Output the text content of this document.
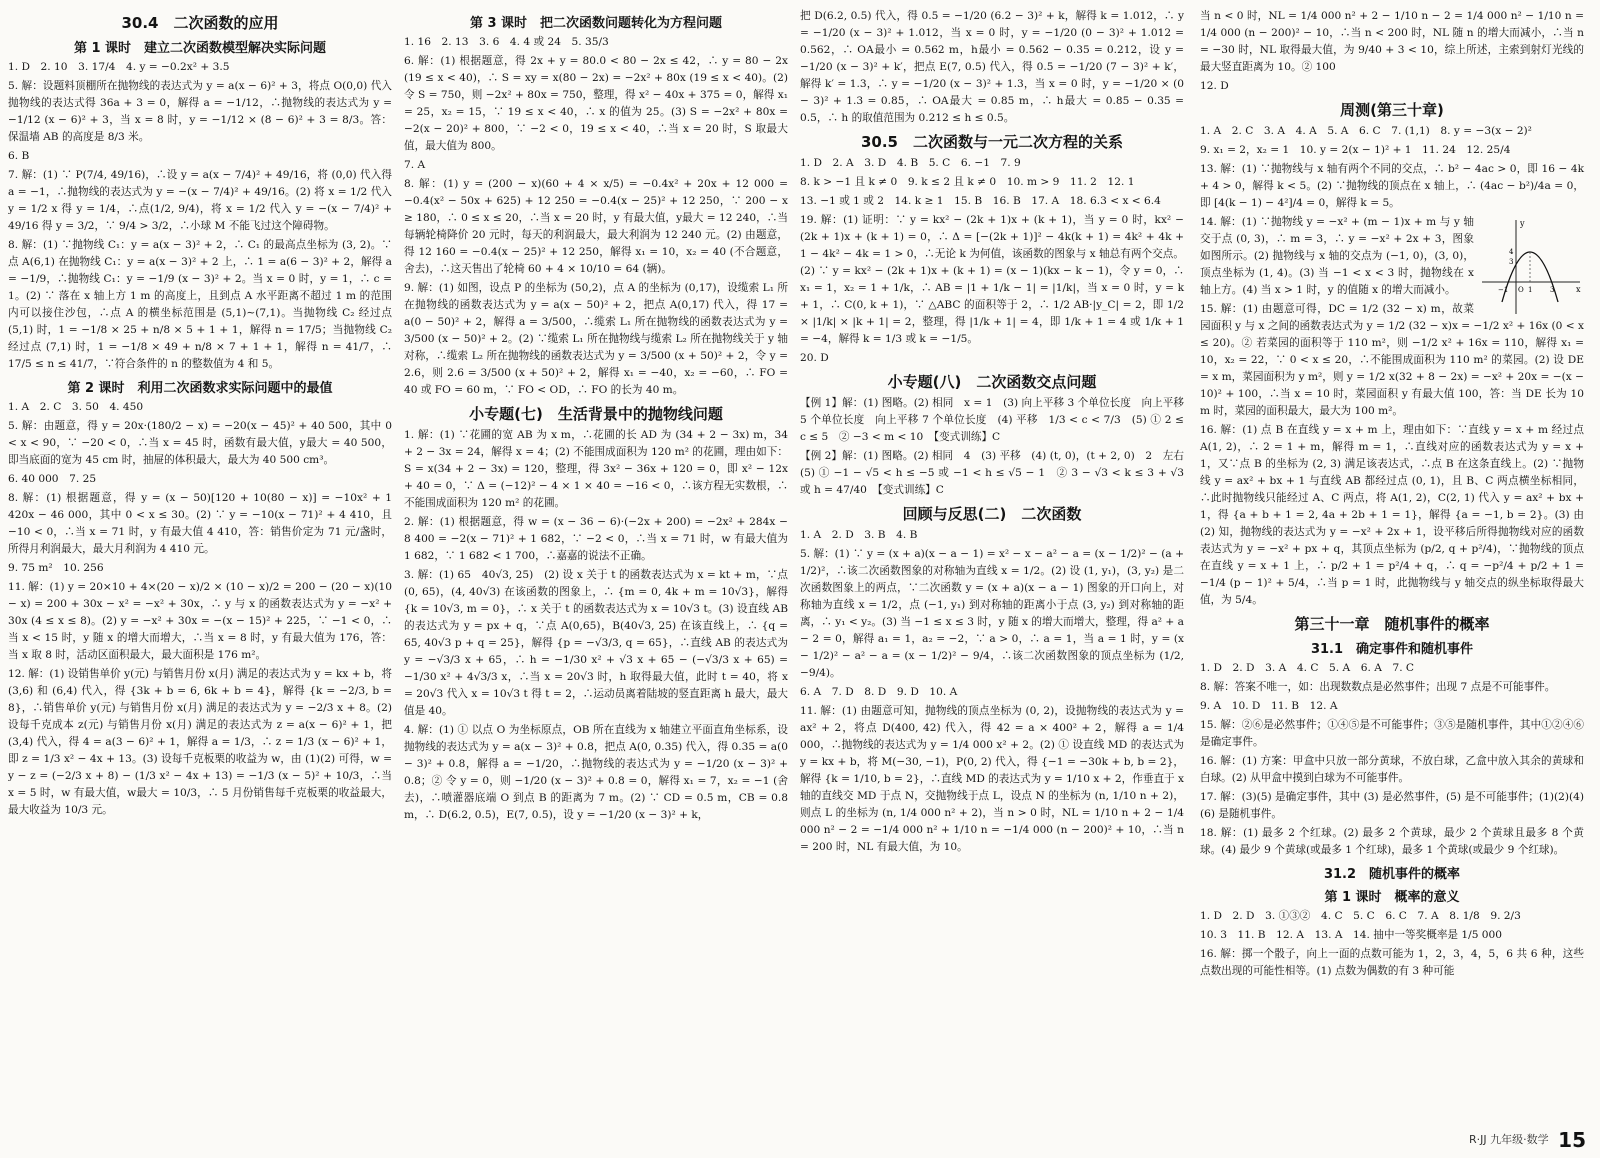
30.4　二次函数的应用
第 1 课时　建立二次函数模型解决实际问题

1. D　2. 10　3. 17/4　4. y = −0.2x² + 3.5

5. 解：设题料顶棚所在抛物线的表达式为 y = a(x − 6)² + 3，将点 O(0,0) 代入抛物线的表达式得 36a + 3 = 0，解得 a = −1/12，∴抛物线的表达式为 y = −1/12 (x − 6)² + 3，当 x = 8 时，y = −1/12 × (8 − 6)² + 3 = 8/3。答：保温墙 AB 的高度是 8/3 米。

6. B

7. 解：(1) ∵ P(7/4, 49/16)，∴设 y = a(x − 7/4)² + 49/16，将 (0,0) 代入得 a = −1，∴抛物线的表达式为 y = −(x − 7/4)² + 49/16。(2) 将 x = 1/2 代入 y = 1/2 x 得 y = 1/4，∴点(1/2, 9/4)，将 x = 1/2 代入 y = −(x − 7/4)² + 49/16 得 y = 3/2，∵ 9/4 > 3/2，∴小球 M 不能飞过这个障碍物。

8. 解：(1) ∵抛物线 C₁：y = a(x − 3)² + 2，∴ C₁ 的最高点坐标为 (3, 2)。∵点 A(6,1) 在抛物线 C₁：y = a(x − 3)² + 2 上，∴ 1 = a(6 − 3)² + 2，解得 a = −1/9，∴抛物线 C₁：y = −1/9 (x − 3)² + 2。当 x = 0 时，y = 1，∴ c = 1。(2) ∵ 落在 x 轴上方 1 m 的高度上，且到点 A 水平距离不超过 1 m 的范围内可以接住沙包，∴点 A 的横坐标范围是 (5,1)∼(7,1)。当抛物线 C₂ 经过点 (5,1) 时，1 = −1/8 × 25 + n/8 × 5 + 1 + 1，解得 n = 17/5；当抛物线 C₂ 经过点 (7,1) 时，1 = −1/8 × 49 + n/8 × 7 + 1 + 1，解得 n = 41/7，∴ 17/5 ≤ n ≤ 41/7，∵符合条件的 n 的整数值为 4 和 5。

第 2 课时　利用二次函数求实际问题中的最值

1. A　2. C　3. 50　4. 450

5. 解：由题意，得 y = 20x·(180/2 − x) = −20(x − 45)² + 40 500，其中 0 < x < 90，∵ −20 < 0，∴当 x = 45 时，函数有最大值，y最大 = 40 500，即当底面的宽为 45 cm 时，抽屉的体积最大，最大为 40 500 cm³。

6. 40 000　7. 25

8. 解：(1) 根据题意，得 y = (x − 50)[120 + 10(80 − x)] = −10x² + 1 420x − 46 000，其中 0 < x ≤ 30。(2) ∵ y = −10(x − 71)² + 4 410，且 −10 < 0，∴当 x = 71 时，y 有最大值 4 410，答：销售价定为 71 元/盏时，所得月利润最大，最大月利润为 4 410 元。

9. 75 m²　10. 256

11. 解：(1) y = 20×10 + 4×(20 − x)/2 × (10 − x)/2 = 200 − (20 − x)(10 − x) = 200 + 30x − x² = −x² + 30x，∴ y 与 x 的函数表达式为 y = −x² + 30x (4 ≤ x ≤ 8)。(2) y = −x² + 30x = −(x − 15)² + 225，∵ −1 < 0，∴当 x < 15 时，y 随 x 的增大而增大，∴当 x = 8 时，y 有最大值为 176，答：当 x 取 8 时，活动区面积最大，最大面积是 176 m²。

12. 解：(1) 设销售单价 y(元) 与销售月份 x(月) 满足的表达式为 y = kx + b，将 (3,6) 和 (6,4) 代入，得 {3k + b = 6, 6k + b = 4}，解得 {k = −2/3, b = 8}，∴销售单价 y(元) 与销售月份 x(月) 满足的表达式为 y = −2/3 x + 8。(2) 设每千克成本 z(元) 与销售月份 x(月) 满足的表达式为 z = a(x − 6)² + 1，把 (3,4) 代入，得 4 = a(3 − 6)² + 1，解得 a = 1/3，∴ z = 1/3 (x − 6)² + 1，即 z = 1/3 x² − 4x + 13。(3) 设每千克板栗的收益为 w，由 (1)(2) 可得，w = y − z = (−2/3 x + 8) − (1/3 x² − 4x + 13) = −1/3 (x − 5)² + 10/3，∴当 x = 5 时，w 有最大值，w最大 = 10/3，∴ 5 月份销售每千克板栗的收益最大，最大收益为 10/3 元。

第 3 课时　把二次函数问题转化为方程问题

1. 16　2. 13　3. 6　4. 4 或 24　5. 35/3

6. 解：(1) 根据题意，得 2x + y = 80.0 < 80 − 2x ≤ 42，∴ y = 80 − 2x (19 ≤ x < 40)，∴ S = xy = x(80 − 2x) = −2x² + 80x (19 ≤ x < 40)。(2) 令 S = 750，则 −2x² + 80x = 750，整理，得 x² − 40x + 375 = 0，解得 x₁ = 25，x₂ = 15，∵ 19 ≤ x < 40，∴ x 的值为 25。(3) S = −2x² + 80x = −2(x − 20)² + 800，∵ −2 < 0，19 ≤ x < 40，∴当 x = 20 时，S 取最大值，最大值为 800。

7. A

8. 解：(1) y = (200 − x)(60 + 4 × x/5) = −0.4x² + 20x + 12 000 = −0.4(x² − 50x + 625) + 12 250 = −0.4(x − 25)² + 12 250，∵ 200 − x ≥ 180，∴ 0 ≤ x ≤ 20，∴当 x = 20 时，y 有最大值，y最大 = 12 240，∴当每辆轮椅降价 20 元时，每天的利润最大，最大利润为 12 240 元。(2) 由题意，得 12 160 = −0.4(x − 25)² + 12 250，解得 x₁ = 10，x₂ = 40 (不合题意，舍去)，∴这天售出了轮椅 60 + 4 × 10/10 = 64 (辆)。

9. 解：(1) 如图，设点 P 的坐标为 (50,2)，点 A 的坐标为 (0,17)，设缆索 L₁ 所在抛物线的函数表达式为 y = a(x − 50)² + 2，把点 A(0,17) 代入，得 17 = a(0 − 50)² + 2，解得 a = 3/500，∴缆索 L₁ 所在抛物线的函数表达式为 y = 3/500 (x − 50)² + 2。(2) ∵缆索 L₁ 所在抛物线与缆索 L₂ 所在抛物线关于 y 轴对称，∴缆索 L₂ 所在抛物线的函数表达式为 y = 3/500 (x + 50)² + 2，令 y = 2.6，则 2.6 = 3/500 (x + 50)² + 2，解得 x₁ = −40，x₂ = −60，∴ FO = 40 或 FO = 60 m，∵ FO < OD，∴ FO 的长为 40 m。

小专题(七)　生活背景中的抛物线问题

1. 解：(1) ∵花圃的宽 AB 为 x m，∴花圃的长 AD 为 (34 + 2 − 3x) m，34 + 2 − 3x = 24，解得 x = 4；(2) 不能围成面积为 120 m² 的花圃，理由如下：S = x(34 + 2 − 3x) = 120，整理，得 3x² − 36x + 120 = 0，即 x² − 12x + 40 = 0，∵ Δ = (−12)² − 4 × 1 × 40 = −16 < 0，∴该方程无实数根，∴不能围成面积为 120 m² 的花圃。

2. 解：(1) 根据题意，得 w = (x − 36 − 6)·(−2x + 200) = −2x² + 284x − 8 400 = −2(x − 71)² + 1 682，∵ −2 < 0，∴当 x = 71 时，w 有最大值为 1 682，∵ 1 682 < 1 700，∴嘉嘉的说法不正确。

3. 解：(1) 65　40√3, 25)　(2) 设 x 关于 t 的函数表达式为 x = kt + m，∵点 (0, 65)，(4, 40√3) 在该函数的图象上，∴ {m = 0, 4k + m = 10√3}，解得 {k = 10√3, m = 0}，∴ x 关于 t 的函数表达式为 x = 10√3 t。(3) 设直线 AB 的表达式为 y = px + q，∵点 A(0,65)，B(40√3, 25) 在该直线上，∴ {q = 65, 40√3 p + q = 25}，解得 {p = −√3/3, q = 65}，∴直线 AB 的表达式为 y = −√3/3 x + 65，∴ h = −1/30 x² + √3 x + 65 − (−√3/3 x + 65) = −1/30 x² + 4√3/3 x，∴当 x = 20√3 时，h 取得最大值，此时 t = 40，将 x = 20√3 代入 x = 10√3 t 得 t = 2，∴运动员离着陆坡的竖直距离 h 最大，最大值是 40。

4. 解：(1) ① 以点 O 为坐标原点，OB 所在直线为 x 轴建立平面直角坐标系，设抛物线的表达式为 y = a(x − 3)² + 0.8，把点 A(0, 0.35) 代入，得 0.35 = a(0 − 3)² + 0.8，解得 a = −1/20，∴抛物线的表达式为 y = −1/20 (x − 3)² + 0.8；② 令 y = 0，则 −1/20 (x − 3)² + 0.8 = 0，解得 x₁ = 7，x₂ = −1 (舍去)，∴喷灌器底端 O 到点 B 的距离为 7 m。(2) ∵ CD = 0.5 m，CB = 0.8 m，∴ D(6.2, 0.5)，E(7, 0.5)，设 y = −1/20 (x − 3)² + k，

把 D(6.2, 0.5) 代入，得 0.5 = −1/20 (6.2 − 3)² + k，解得 k = 1.012，∴ y = −1/20 (x − 3)² + 1.012，当 x = 0 时，y = −1/20 (0 − 3)² + 1.012 = 0.562，∴ OA最小 = 0.562 m，h最小 = 0.562 − 0.35 = 0.212，设 y = −1/20 (x − 3)² + k′，把点 E(7, 0.5) 代入，得 0.5 = −1/20 (7 − 3)² + k′，解得 k′ = 1.3，∴ y = −1/20 (x − 3)² + 1.3，当 x = 0 时，y = −1/20 × (0 − 3)² + 1.3 = 0.85，∴ OA最大 = 0.85 m，∴ h最大 = 0.85 − 0.35 = 0.5，∴ h 的取值范围为 0.212 ≤ h ≤ 0.5。

30.5　二次函数与一元二次方程的关系

1. D　2. A　3. D　4. B　5. C　6. −1　7. 9

8. k > −1 且 k ≠ 0　9. k ≤ 2 且 k ≠ 0　10. m > 9　11. 2　12. 1

13. −1 或 1 或 2　14. k ≥ 1　15. B　16. B　17. A　18. 6.3 < x < 6.4

19. 解：(1) 证明：∵ y = kx² − (2k + 1)x + (k + 1)，当 y = 0 时，kx² − (2k + 1)x + (k + 1) = 0，∴ Δ = [−(2k + 1)]² − 4k(k + 1) = 4k² + 4k + 1 − 4k² − 4k = 1 > 0，∴无论 k 为何值，该函数的图象与 x 轴总有两个交点。(2) ∵ y = kx² − (2k + 1)x + (k + 1) = (x − 1)(kx − k − 1)，令 y = 0，∴ x₁ = 1，x₂ = 1 + 1/k，∴ AB = |1 + 1/k − 1| = |1/k|，当 x = 0 时，y = k + 1，∴ C(0, k + 1)，∵ △ABC 的面积等于 2，∴ 1/2 AB·|y_C| = 2，即 1/2 × |1/k| × |k + 1| = 2，整理，得 |1/k + 1| = 4，即 1/k + 1 = 4 或 1/k + 1 = −4，解得 k = 1/3 或 k = −1/5。

20. D

小专题(八)　二次函数交点问题

【例 1】解：(1) 图略。(2) 相同　x = 1　(3) 向上平移 3 个单位长度　向上平移 5 个单位长度　向上平移 7 个单位长度　(4) 平移　1/3 < c < 7/3　(5) ① 2 ≤ c ≤ 5　② −3 < m < 10　【变式训练】C

【例 2】解：(1) 图略。(2) 相同　4　(3) 平移　(4) (t, 0)，(t + 2, 0)　2　左右　(5) ① −1 − √5 < h ≤ −5 或 −1 < h ≤ √5 − 1　② 3 − √3 < k ≤ 3 + √3 或 h = 47/40　【变式训练】C

回顾与反思(二)　二次函数

1. A　2. D　3. B　4. B

5. 解：(1) ∵ y = (x + a)(x − a − 1) = x² − x − a² − a = (x − 1/2)² − (a + 1/2)²，∴该二次函数图象的对称轴为直线 x = 1/2。(2) 设 (1, y₁)，(3, y₂) 是二次函数图象上的两点，∵二次函数 y = (x + a)(x − a − 1) 图象的开口向上，对称轴为直线 x = 1/2，点 (−1, y₁) 到对称轴的距离小于点 (3, y₂) 到对称轴的距离，∴ y₁ < y₂。(3) 当 −1 ≤ x ≤ 3 时，y 随 x 的增大而增大，整理，得 a² + a − 2 = 0，解得 a₁ = 1，a₂ = −2，∵ a > 0，∴ a = 1，当 a = 1 时，y = (x − 1/2)² − a² − a = (x − 1/2)² − 9/4，∴该二次函数图象的顶点坐标为 (1/2, −9/4)。

6. A　7. D　8. D　9. D　10. A

11. 解：(1) 由题意可知，抛物线的顶点坐标为 (0, 2)，设抛物线的表达式为 y = ax² + 2，将点 D(400, 42) 代入，得 42 = a × 400² + 2，解得 a = 1/4 000，∴抛物线的表达式为 y = 1/4 000 x² + 2。(2) ① 设直线 MD 的表达式为 y = kx + b，将 M(−30, −1)，P(0, 2) 代入，得 {−1 = −30k + b, b = 2}，解得 {k = 1/10, b = 2}，∴直线 MD 的表达式为 y = 1/10 x + 2，作垂直于 x 轴的直线交 MD 于点 N，交抛物线于点 L，设点 N 的坐标为 (n, 1/10 n + 2)，则点 L 的坐标为 (n, 1/4 000 n² + 2)，当 n > 0 时，NL = 1/10 n + 2 − 1/4 000 n² − 2 = −1/4 000 n² + 1/10 n = −1/4 000 (n − 200)² + 10，∴当 n = 200 时，NL 有最大值，为 10。

当 n < 0 时，NL = 1/4 000 n² + 2 − 1/10 n − 2 = 1/4 000 n² − 1/10 n = 1/4 000 (n − 200)² − 10，∴当 n < 200 时，NL 随 n 的增大而减小，∴当 n = −30 时，NL 取得最大值，为 9/40 + 3 < 10，综上所述，主索到射灯光线的最大竖直距离为 10。② 100

12. D

周测(第三十章)

1. A　2. C　3. A　4. A　5. A　6. C　7. (1,1)　8. y = −3(x − 2)²

9. x₁ = 2，x₂ = 1　10. y = 2(x − 1)² + 1　11. 24　12. 25/4

13. 解：(1) ∵抛物线与 x 轴有两个不同的交点，∴ b² − 4ac > 0，即 16 − 4k + 4 > 0，解得 k < 5。(2) ∵抛物线的顶点在 x 轴上，∴ (4ac − b²)/4a = 0，即 [4(k − 1) − 4²]/4 = 0，解得 k = 5。

y
x
O
−1	1	3
3
4

14. 解：(1) ∵抛物线 y = −x² + (m − 1)x + m 与 y 轴交于点 (0, 3)，∴ m = 3，∴ y = −x² + 2x + 3，图象如图所示。(2) 抛物线与 x 轴的交点为 (−1, 0)，(3, 0)，顶点坐标为 (1, 4)。(3) 当 −1 < x < 3 时，抛物线在 x 轴上方。(4) 当 x > 1 时，y 的值随 x 的增大而减小。

15. 解：(1) 由题意可得，DC = 1/2 (32 − x) m，故菜园面积 y 与 x 之间的函数表达式为 y = 1/2 (32 − x)x = −1/2 x² + 16x (0 < x ≤ 20)。② 若菜园的面积等于 110 m²，则 −1/2 x² + 16x = 110，解得 x₁ = 10，x₂ = 22，∵ 0 < x ≤ 20，∴不能围成面积为 110 m² 的菜园。(2) 设 DE = x m，菜园面积为 y m²，则 y = 1/2 x(32 + 8 − 2x) = −x² + 20x = −(x − 10)² + 100，∴当 x = 10 时，菜园面积 y 有最大值 100，答：当 DE 长为 10 m 时，菜园的面积最大，最大为 100 m²。

16. 解：(1) 点 B 在直线 y = x + m 上，理由如下：∵直线 y = x + m 经过点 A(1, 2)，∴ 2 = 1 + m，解得 m = 1，∴直线对应的函数表达式为 y = x + 1，又∵点 B 的坐标为 (2, 3) 满足该表达式，∴点 B 在这条直线上。(2) ∵抛物线 y = ax² + bx + 1 与直线 AB 都经过点 (0, 1)，且 B、C 两点横坐标相同，∴此时抛物线只能经过 A、C 两点，将 A(1, 2)，C(2, 1) 代入 y = ax² + bx + 1，得 {a + b + 1 = 2, 4a + 2b + 1 = 1}，解得 {a = −1, b = 2}。(3) 由 (2) 知，抛物线的表达式为 y = −x² + 2x + 1，设平移后所得抛物线对应的函数表达式为 y = −x² + px + q，其顶点坐标为 (p/2, q + p²/4)，∵抛物线的顶点在直线 y = x + 1 上，∴ p/2 + 1 = p²/4 + q，∴ q = −p²/4 + p/2 + 1 = −1/4 (p − 1)² + 5/4，∴当 p = 1 时，此抛物线与 y 轴交点的纵坐标取得最大值，为 5/4。

第三十一章　随机事件的概率
31.1　确定事件和随机事件

1. D　2. D　3. A　4. C　5. A　6. A　7. C

8. 解：答案不唯一，如：出现数数点是必然事件；出现 7 点是不可能事件。

9. A　10. D　11. B　12. A

15. 解：②⑥是必然事件；①④⑤是不可能事件；③⑤是随机事件，其中①②④⑥是确定事件。

16. 解：(1) 方案：甲盒中只放一部分黄球，不放白球，乙盒中放入其余的黄球和白球。(2) 从甲盒中摸到白球为不可能事件。

17. 解：(3)(5) 是确定事件，其中 (3) 是必然事件，(5) 是不可能事件；(1)(2)(4)(6) 是随机事件。

18. 解：(1) 最多 2 个红球。(2) 最多 2 个黄球，最少 2 个黄球且最多 8 个黄球。(4) 最少 9 个黄球(或最多 1 个红球)，最多 1 个黄球(或最少 9 个红球)。

31.2　随机事件的概率
第 1 课时　概率的意义

1. D　2. D　3. ①③②　4. C　5. C　6. C　7. A　8. 1/8　9. 2/3

10. 3　11. B　12. A　13. A　14. 抽中一等奖概率是 1/5 000

16. 解：掷一个骰子，向上一面的点数可能为 1，2，3，4，5，6 共 6 种，这些点数出现的可能性相等。(1) 点数为偶数的有 3 种可能

R·JJ 九年级·数学 15
